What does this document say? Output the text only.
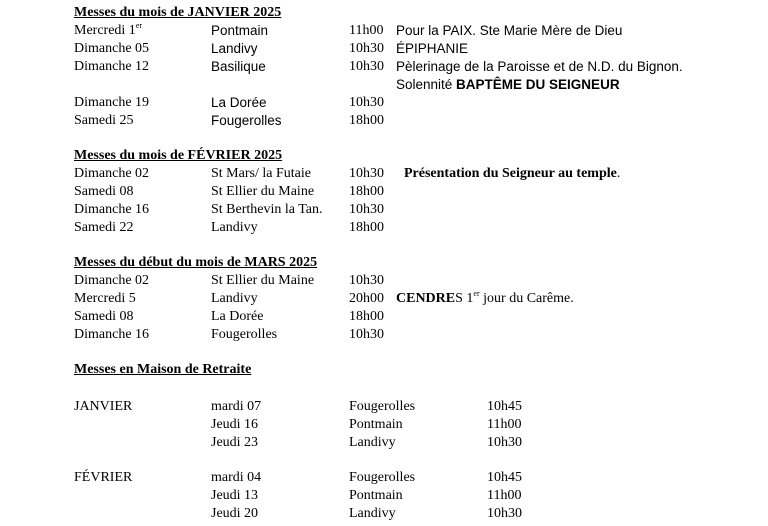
Messes du mois de JANVIER 2025
Mercredi 1er	Pontmain	11h00 Pour la PAIX. Ste Marie Mère de Dieu
Dimanche 05	Landivy	10h30 ÉPIPHANIE
Dimanche 12	Basilique	10h30 Pèlerinage de la Paroisse et de N.D. du Bignon.
Solennité BAPTÊME DU SEIGNEUR
Dimanche 19	La Dorée	10h30
Samedi 25	Fougerolles	18h00
Messes du mois de FÉVRIER 2025
Dimanche 02	St Mars/ la Futaie	10h30 Présentation du Seigneur au temple.
Samedi 08	St Ellier du Maine 18h00
Dimanche 16	St Berthevin la Tan. 10h30
Samedi 22	Landivy	18h00
Messes du début du mois de MARS 2025
Dimanche 02	St Ellier du Maine 10h30
Mercredi 5	Landivy	20h00 CENDRES 1er jour du Carême.
Samedi 08	La Dorée	18h00
Dimanche 16	Fougerolles	10h30
Messes en Maison de Retraite
JANVIER	mardi 07	Fougerolles	10h45
Jeudi 16	Pontmain	11h00
Jeudi 23	Landivy	10h30
FÉVRIER	mardi 04	Fougerolles	10h45
Jeudi 13	Pontmain	11h00
Jeudi 20	Landivy	10h30
